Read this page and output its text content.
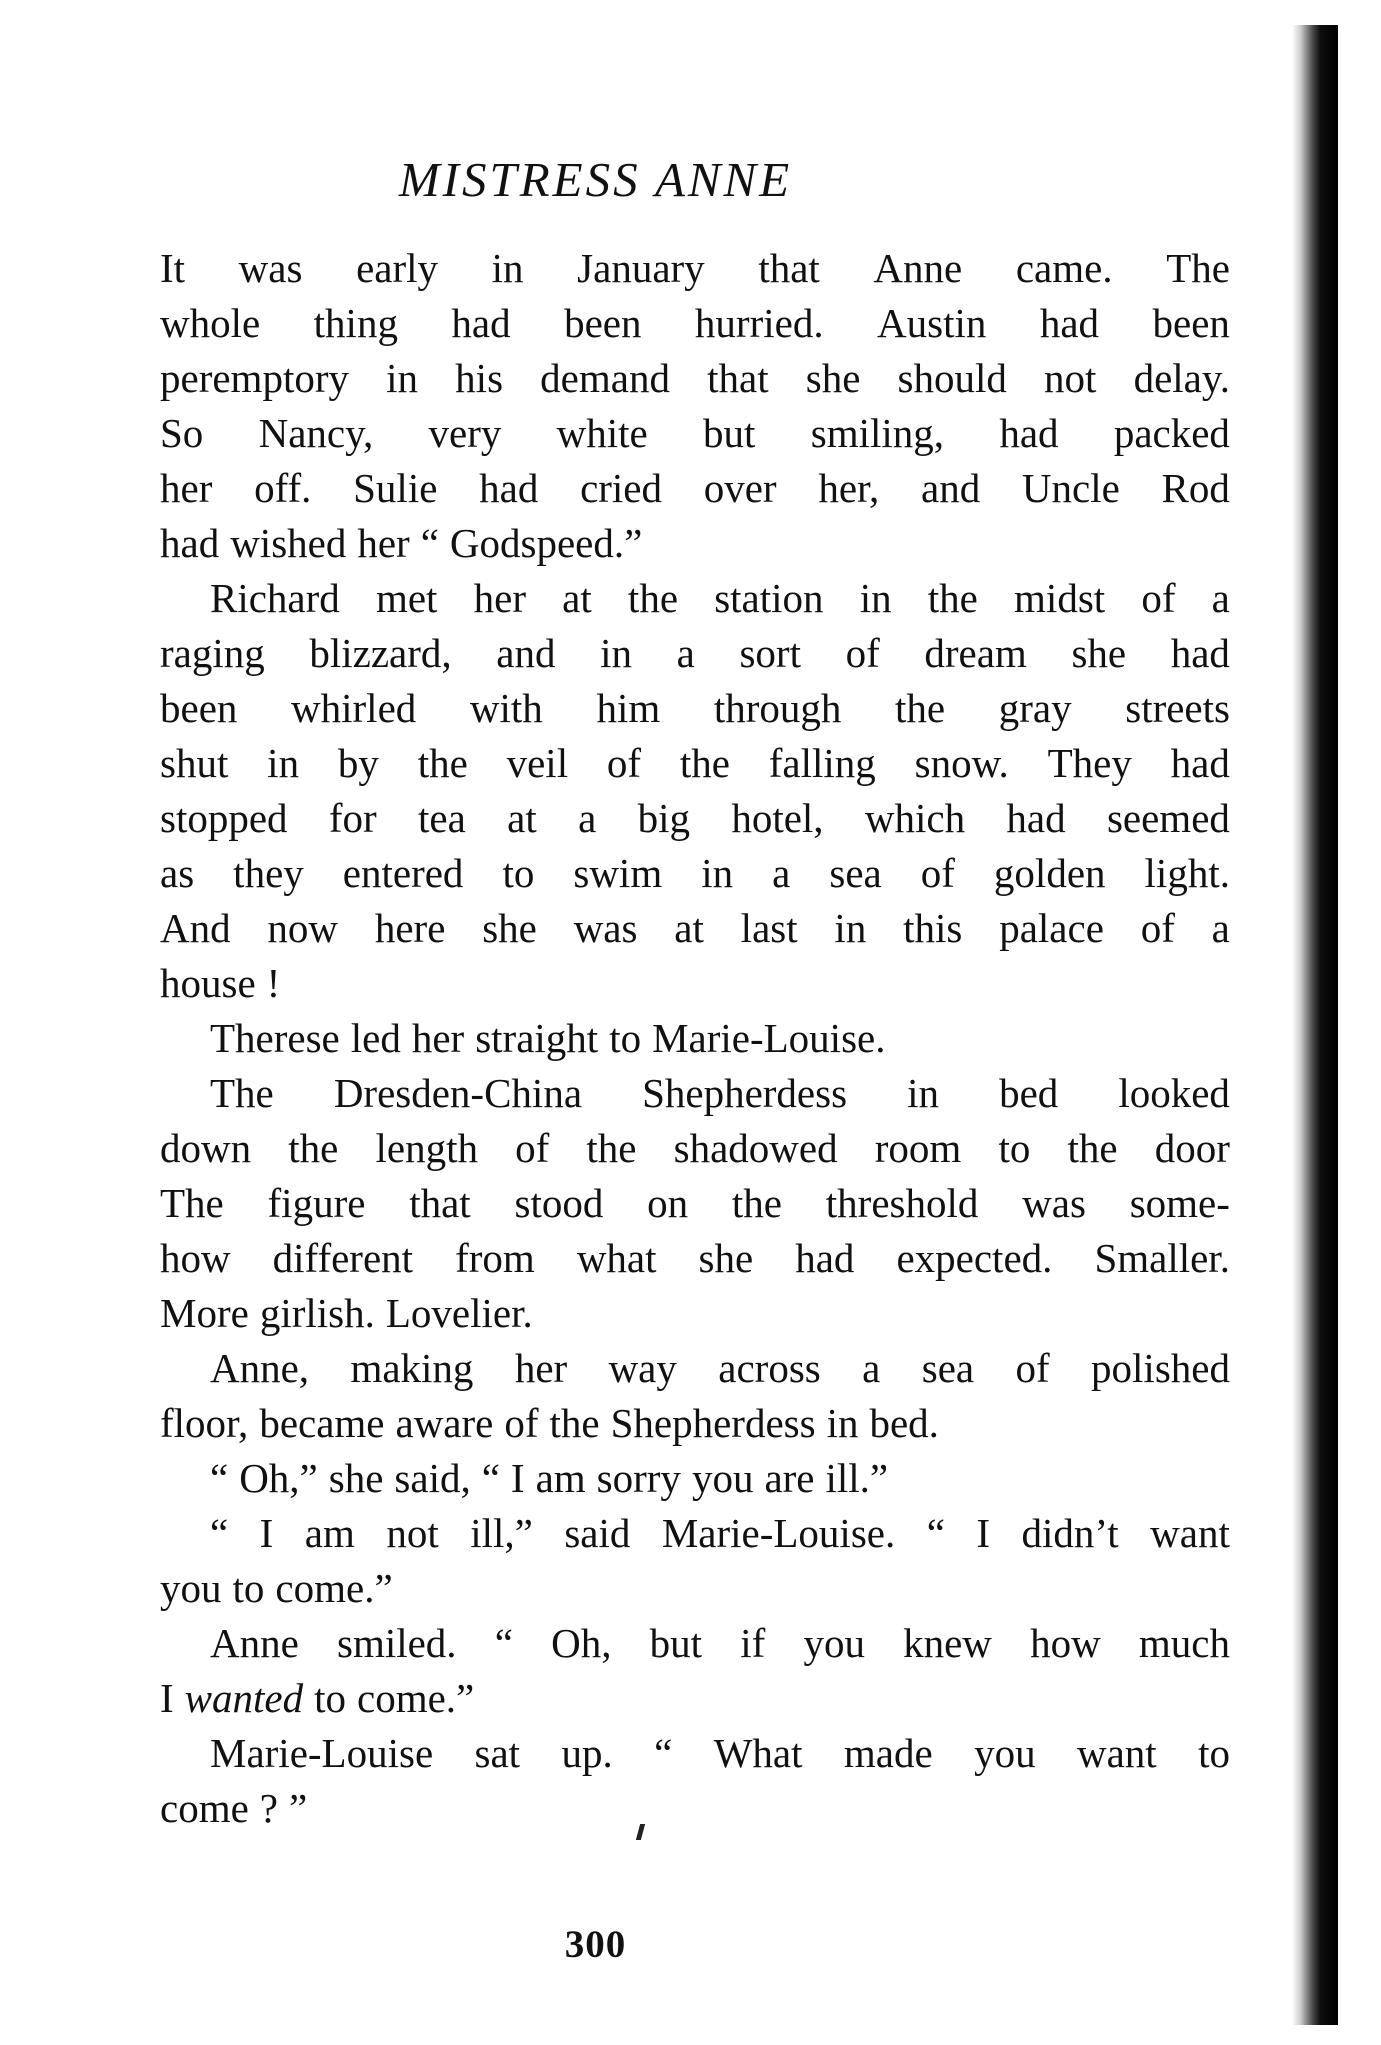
MISTRESS ANNE
It was early in January that Anne came. The
whole thing had been hurried. Austin had been
peremptory in his demand that she should not delay.
So Nancy, very white but smiling, had packed
her off. Sulie had cried over her, and Uncle Rod
had wished her “ Godspeed.”
Richard met her at the station in the midst of a
raging blizzard, and in a sort of dream she had
been whirled with him through the gray streets
shut in by the veil of the falling snow. They had
stopped for tea at a big hotel, which had seemed
as they entered to swim in a sea of golden light.
And now here she was at last in this palace of a
house !
Therese led her straight to Marie-Louise.
The Dresden-China Shepherdess in bed looked
down the length of the shadowed room to the door
The figure that stood on the threshold was some-
how different from what she had expected. Smaller.
More girlish. Lovelier.
Anne, making her way across a sea of polished
floor, became aware of the Shepherdess in bed.
“ Oh,” she said, “ I am sorry you are ill.”
“ I am not ill,” said Marie-Louise. “ I didn’t want
you to come.”
Anne smiled. “ Oh, but if you knew how much
I wanted to come.”
Marie-Louise sat up. “ What made you want to
come ? ”
300
